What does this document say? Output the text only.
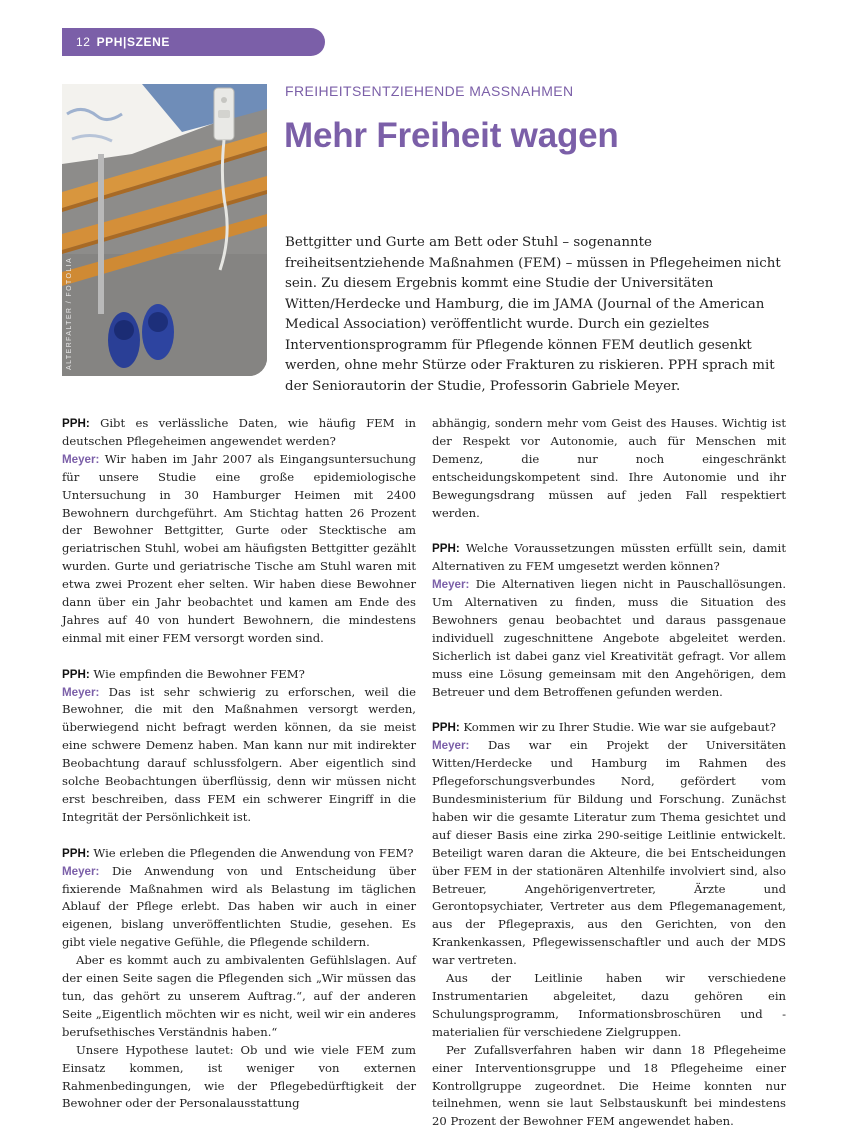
12 PPH|SZENE
ALTERFALTER / FOTOLIA
FREIHEITSENTZIEHENDE MASSNAHMEN
Mehr Freiheit wagen

Bettgitter und Gurte am Bett oder Stuhl – sogenannte freiheitsentziehende Maßnahmen (FEM) – müssen in Pflegeheimen nicht sein. Zu diesem Ergebnis kommt eine Studie der Universitäten Witten/Herdecke und Hamburg, die im JAMA (Journal of the American Medical Association) veröffentlicht wurde. Durch ein gezieltes Interventionsprogramm für Pflegende können FEM deutlich gesenkt werden, ohne mehr Stürze oder Frakturen zu riskieren. PPH sprach mit der Seniorautorin der Studie, Professorin Gabriele Meyer.

PPH: Gibt es verlässliche Daten, wie häufig FEM in deutschen Pflegeheimen angewendet werden?

Meyer: Wir haben im Jahr 2007 als Eingangsuntersuchung für unsere Studie eine große epidemiologische Untersuchung in 30 Hamburger Heimen mit 2400 Bewohnern durchgeführt. Am Stichtag hatten 26 Prozent der Bewohner Bettgitter, Gurte oder Stecktische am geriatrischen Stuhl, wobei am häufigsten Bettgitter gezählt wurden. Gurte und geriatrische Tische am Stuhl waren mit etwa zwei Prozent eher selten. Wir haben diese Bewohner dann über ein Jahr beobachtet und kamen am Ende des Jahres auf 40 von hundert Bewohnern, die mindestens einmal mit einer FEM versorgt worden sind.

PPH: Wie empfinden die Bewohner FEM?

Meyer: Das ist sehr schwierig zu erforschen, weil die Bewohner, die mit den Maßnahmen versorgt werden, überwiegend nicht befragt werden können, da sie meist eine schwere Demenz haben. Man kann nur mit indirekter Beobachtung darauf schlussfolgern. Aber eigentlich sind solche Beobachtungen überflüssig, denn wir müssen nicht erst beschreiben, dass FEM ein schwerer Eingriff in die Integrität der Persönlichkeit ist.

PPH: Wie erleben die Pflegenden die Anwendung von FEM?

Meyer: Die Anwendung von und Entscheidung über fixierende Maßnahmen wird als Belastung im täglichen Ablauf der Pflege erlebt. Das haben wir auch in einer eigenen, bislang unveröffentlichten Studie, gesehen. Es gibt viele negative Gefühle, die Pflegende schildern.

Aber es kommt auch zu ambivalenten Gefühlslagen. Auf der einen Seite sagen die Pflegenden sich „Wir müssen das tun, das gehört zu unserem Auftrag.“, auf der anderen Seite „Eigentlich möchten wir es nicht, weil wir ein anderes berufsethisches Verständnis haben.“

Unsere Hypothese lautet: Ob und wie viele FEM zum Einsatz kommen, ist weniger von externen Rahmenbedingungen, wie der Pflegebedürftigkeit der Bewohner oder der Personalausstattung

abhängig, sondern mehr vom Geist des Hauses. Wichtig ist der Respekt vor Autonomie, auch für Menschen mit Demenz, die nur noch eingeschränkt entscheidungskompetent sind. Ihre Autonomie und ihr Bewegungsdrang müssen auf jeden Fall respektiert werden.

PPH: Welche Voraussetzungen müssten erfüllt sein, damit Alternativen zu FEM umgesetzt werden können?

Meyer: Die Alternativen liegen nicht in Pauschallösungen. Um Alternativen zu finden, muss die Situation des Bewohners genau beobachtet und daraus passgenaue individuell zugeschnittene Angebote abgeleitet werden. Sicherlich ist dabei ganz viel Kreativität gefragt. Vor allem muss eine Lösung gemeinsam mit den Angehörigen, dem Betreuer und dem Betroffenen gefunden werden.

PPH: Kommen wir zu Ihrer Studie. Wie war sie aufgebaut?

Meyer: Das war ein Projekt der Universitäten Witten/Herdecke und Hamburg im Rahmen des Pflegeforschungsverbundes Nord, gefördert vom Bundesministerium für Bildung und Forschung. Zunächst haben wir die gesamte Literatur zum Thema gesichtet und auf dieser Basis eine zirka 290-seitige Leitlinie entwickelt. Beteiligt waren daran die Akteure, die bei Entscheidungen über FEM in der stationären Altenhilfe involviert sind, also Betreuer, Angehörigenvertreter, Ärzte und Gerontopsychiater, Vertreter aus dem Pflegemanagement, aus der Pflegepraxis, aus den Gerichten, von den Krankenkassen, Pflegewissenschaftler und auch der MDS war vertreten.

Aus der Leitlinie haben wir verschiedene Instrumentarien abgeleitet, dazu gehören ein Schulungsprogramm, Informationsbroschüren und -materialien für verschiedene Zielgruppen.

Per Zufallsverfahren haben wir dann 18 Pflegeheime einer Interventionsgruppe und 18 Pflegeheime einer Kontrollgruppe zugeordnet. Die Heime konnten nur teilnehmen, wenn sie laut Selbstauskunft bei mindestens 20 Prozent der Bewohner FEM angewendet haben.
